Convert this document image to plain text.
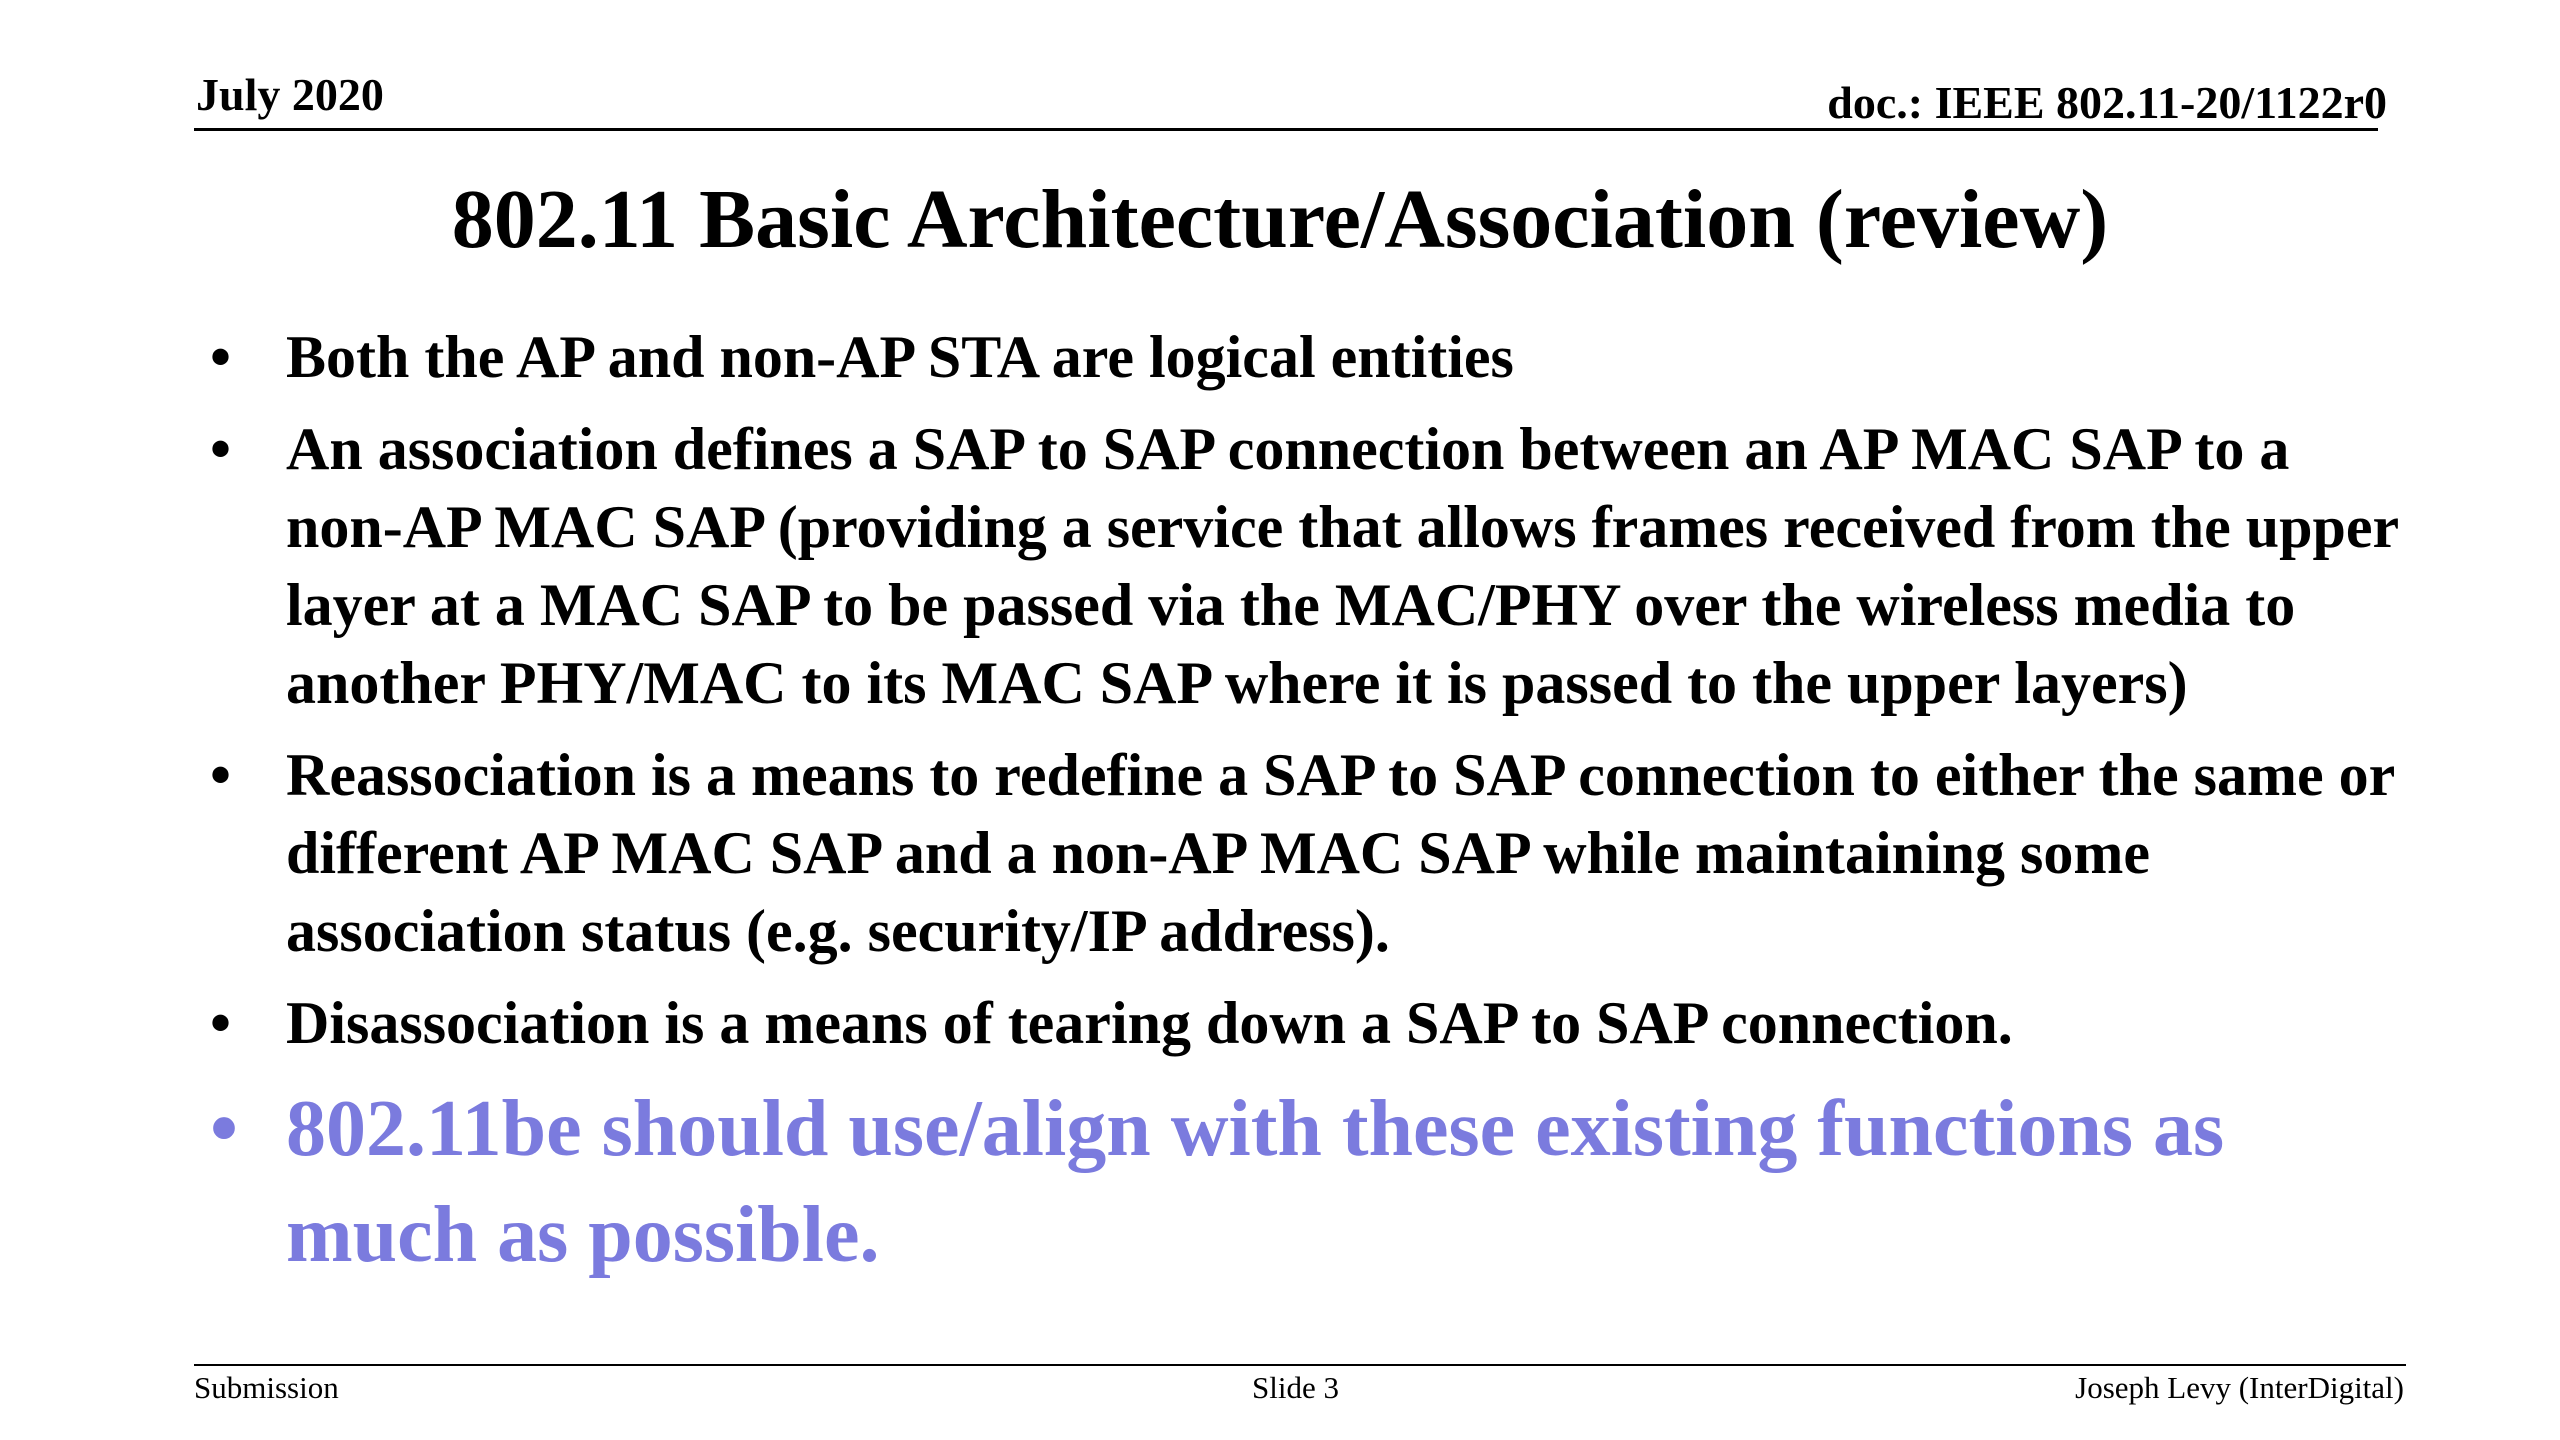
July 2020	doc.: IEEE 802.11-20/1122r0
802.11 Basic Architecture/Association (review)
• Both the AP and non-AP STA are logical entities
• An association defines a SAP to SAP connection between an AP MAC SAP to a non-AP MAC SAP (providing a service that allows frames received from the upper layer at a MAC SAP to be passed via the MAC/PHY over the wireless media to another PHY/MAC to its MAC SAP where it is passed to the upper layers)
• Reassociation is a means to redefine a SAP to SAP connection to either the same or different AP MAC SAP and a non-AP MAC SAP while maintaining some association status (e.g. security/IP address).
• Disassociation is a means of tearing down a SAP to SAP connection.
• 802.11be should use/align with these existing functions as much as possible.
Submission	Slide 3	Joseph Levy (InterDigital)
